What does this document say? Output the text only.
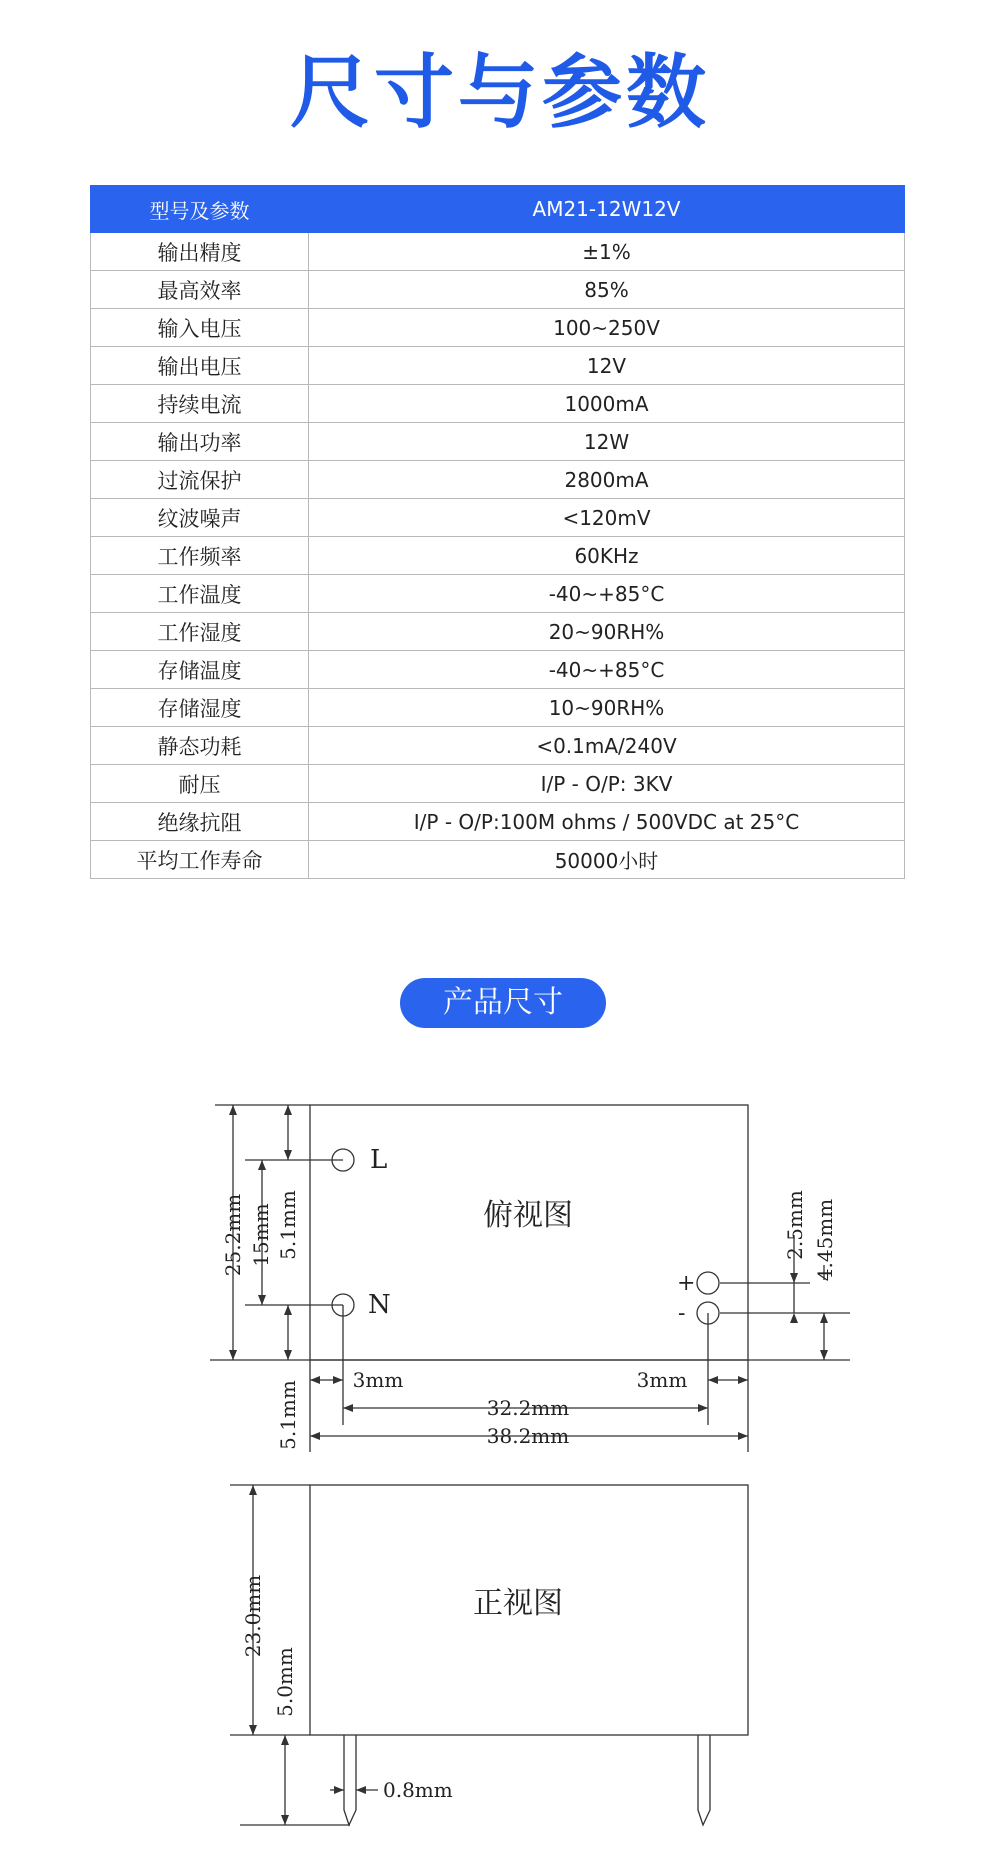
尺寸与参数
型号及参数	AM21-12W12V
输出精度	±1%
最高效率	85%
输入电压	100~250V
输出电压	12V
持续电流	1000mA
输出功率	12W
过流保护	2800mA
纹波噪声	<120mV
工作频率	60KHz
工作温度	-40~+85°C
工作湿度	20~90RH%
存储温度	-40~+85°C
存储湿度	10~90RH%
静态功耗	<0.1mA/240V
耐压	I/P - O/P: 3KV
绝缘抗阻	I/P - O/P:100M ohms / 500VDC at 25°C
平均工作寿命	50000小时
产品尺寸
俯视图
L
N
+
-
25.2mm 15mm 5.1mm
5.1mm
2.5mm 4.45mm
3mm	3mm
32.2mm
38.2mm
正视图
23.0mm
5.0mm
0.8mm
